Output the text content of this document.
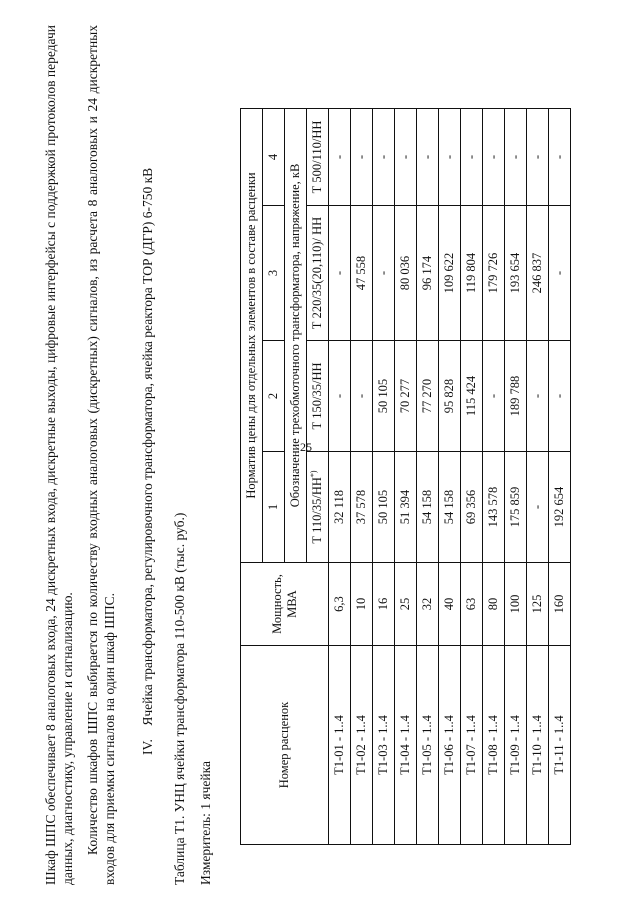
25
Шкаф ШПС обеспечивает 8 аналоговых входа, 24 дискретных входа, дискретные выходы, цифровые интерфейсы с поддержкой протоколов передачи данных, диагностику, управление и сигнализацию. Количество шкафов ШПС выбирается по количеству входных аналоговых (дискретных) сигналов, из расчета 8 аналоговых и 24 дискретных входов для приемки сигналов на один шкаф ШПС. IV.    Ячейка трансформатора, регулировочного трансформатора, ячейка реактора ТОР (ДГР) 6-750 кВ Таблица Т1. УНЦ ячейки трансформатора 110-500 кВ (тыс. руб.) Измеритель: 1 ячейка
Номер расценок	Мощность, МВА	Норматив цены для отдельных элементов в составе расценки			
		1	2	3	4
		Обозначение трехобмоточного трансформатора, напряжение, кВ			
		Т 110/35/НН*)	Т 150/35/НН	Т 220/35(20,110)/ НН	Т 500/110/НН
Т1-01 - 1..4	6,3	32 118	-	-	-
Т1-02 - 1..4	10	37 578	-	47 558	-
Т1-03 - 1..4	16	50 105	50 105	-	-
Т1-04 - 1..4	25	51 394	70 277	80 036	-
Т1-05 - 1..4	32	54 158	77 270	96 174	-
Т1-06 - 1..4	40	54 158	95 828	109 622	-
Т1-07 - 1..4	63	69 356	115 424	119 804	-
Т1-08 - 1..4	80	143 578	-	179 726	-
Т1-09 - 1..4	100	175 859	189 788	193 654	-
Т1-10 - 1..4	125	-	-	246 837	-
Т1-11 - 1..4	160	192 654	-	-	-
